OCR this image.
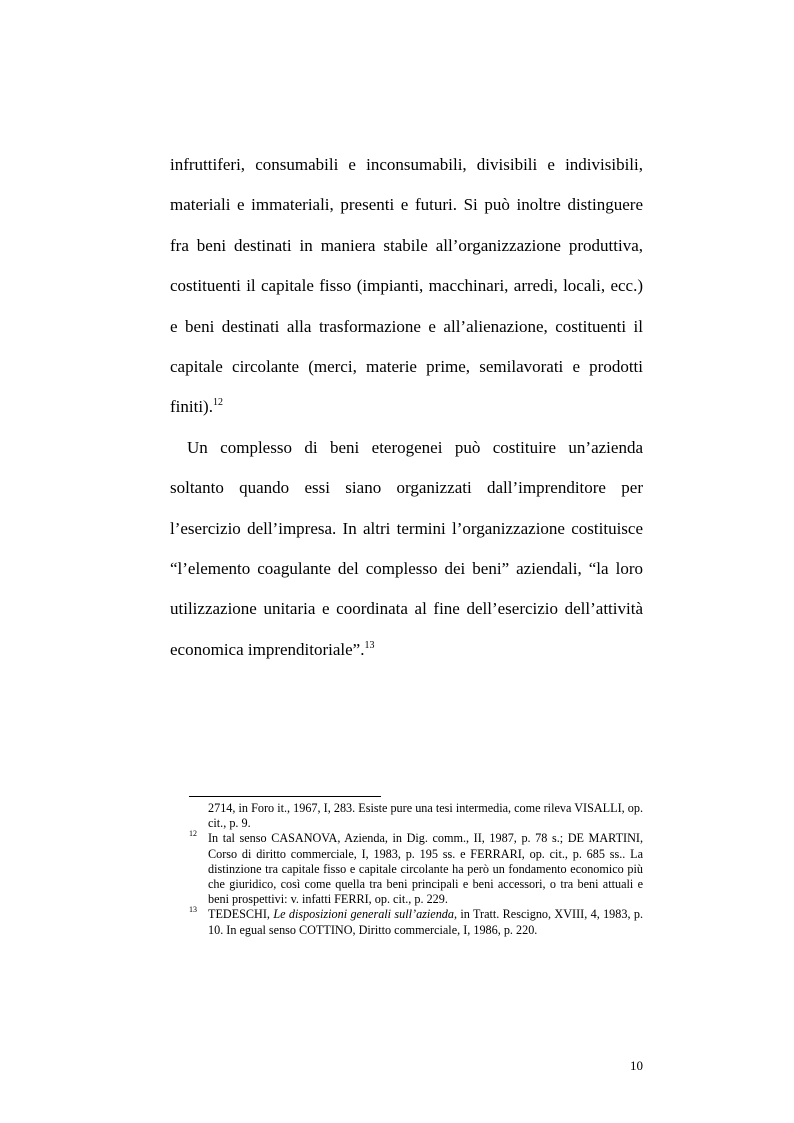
infruttiferi, consumabili e inconsumabili, divisibili e indivisibili, materiali e immateriali, presenti e futuri. Si può inoltre distinguere fra beni destinati in maniera stabile all’organizzazione produttiva, costituenti il capitale fisso (impianti, macchinari, arredi, locali, ecc.) e beni destinati alla trasformazione e all’alienazione, costituenti il capitale circolante (merci, materie prime, semilavorati e prodotti finiti).$^{12}$

Un complesso di beni eterogenei può costituire un’azienda soltanto quando essi siano organizzati dall’imprenditore per l’esercizio dell’impresa. In altri termini l’organizzazione costituisce “l’elemento coagulante del complesso dei beni” aziendali, “la loro utilizzazione unitaria e coordinata al fine dell’esercizio dell’attività economica imprenditoriale”.$^{13}$

2714, in Foro it., 1967, I, 283. Esiste pure una tesi intermedia, come rileva VISALLI, op. cit., p. 9.

12 In tal senso CASANOVA, Azienda, in Dig. comm., II, 1987, p. 78 s.; DE MARTINI, Corso di diritto commerciale, I, 1983, p. 195 ss. e FERRARI, op. cit., p. 685 ss.. La distinzione tra capitale fisso e capitale circolante ha però un fondamento economico più che giuridico, così come quella tra beni principali e beni accessori, o tra beni attuali e beni prospettivi: v. infatti FERRI, op. cit., p. 229.

13 TEDESCHI, Le disposizioni generali sull’azienda, in Tratt. Rescigno, XVIII, 4, 1983, p. 10. In egual senso COTTINO, Diritto commerciale, I, 1986, p. 220.

10
